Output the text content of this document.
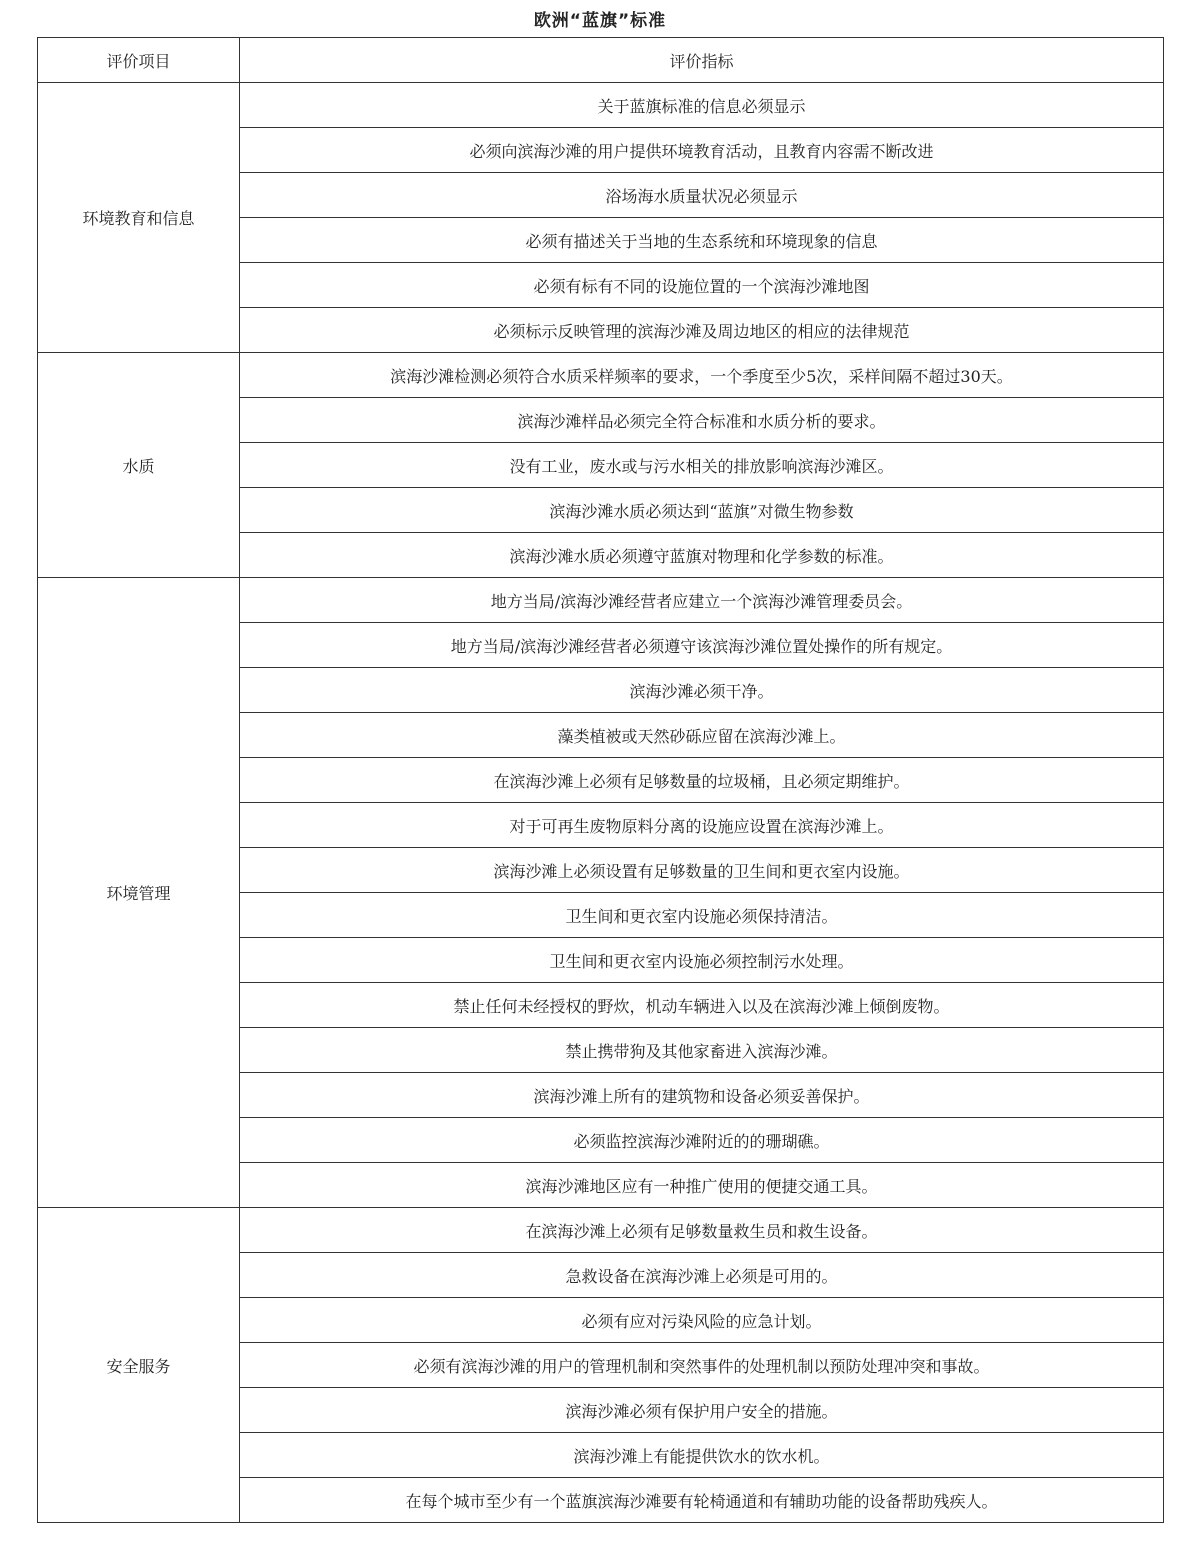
欧洲“蓝旗”标准
评价项目	评价指标
环境教育和信息	关于蓝旗标准的信息必须显示
	必须向滨海沙滩的用户提供环境教育活动，且教育内容需不断改进
	浴场海水质量状况必须显示
	必须有描述关于当地的生态系统和环境现象的信息
	必须有标有不同的设施位置的一个滨海沙滩地图
	必须标示反映管理的滨海沙滩及周边地区的相应的法律规范
水质	滨海沙滩检测必须符合水质采样频率的要求，一个季度至少5次，采样间隔不超过30天。
	滨海沙滩样品必须完全符合标准和水质分析的要求。
	没有工业，废水或与污水相关的排放影响滨海沙滩区。
	滨海沙滩水质必须达到“蓝旗”对微生物参数
	滨海沙滩水质必须遵守蓝旗对物理和化学参数的标准。
环境管理	地方当局/滨海沙滩经营者应建立一个滨海沙滩管理委员会。
	地方当局/滨海沙滩经营者必须遵守该滨海沙滩位置处操作的所有规定。
	滨海沙滩必须干净。
	藻类植被或天然砂砾应留在滨海沙滩上。
	在滨海沙滩上必须有足够数量的垃圾桶，且必须定期维护。
	对于可再生废物原料分离的设施应设置在滨海沙滩上。
	滨海沙滩上必须设置有足够数量的卫生间和更衣室内设施。
	卫生间和更衣室内设施必须保持清洁。
	卫生间和更衣室内设施必须控制污水处理。
	禁止任何未经授权的野炊，机动车辆进入以及在滨海沙滩上倾倒废物。
	禁止携带狗及其他家畜进入滨海沙滩。
	滨海沙滩上所有的建筑物和设备必须妥善保护。
	必须监控滨海沙滩附近的的珊瑚礁。
	滨海沙滩地区应有一种推广使用的便捷交通工具。
安全服务	在滨海沙滩上必须有足够数量救生员和救生设备。
	急救设备在滨海沙滩上必须是可用的。
	必须有应对污染风险的应急计划。
	必须有滨海沙滩的用户的管理机制和突然事件的处理机制以预防处理冲突和事故。
	滨海沙滩必须有保护用户安全的措施。
	滨海沙滩上有能提供饮水的饮水机。
	在每个城市至少有一个蓝旗滨海沙滩要有轮椅通道和有辅助功能的设备帮助残疾人。
